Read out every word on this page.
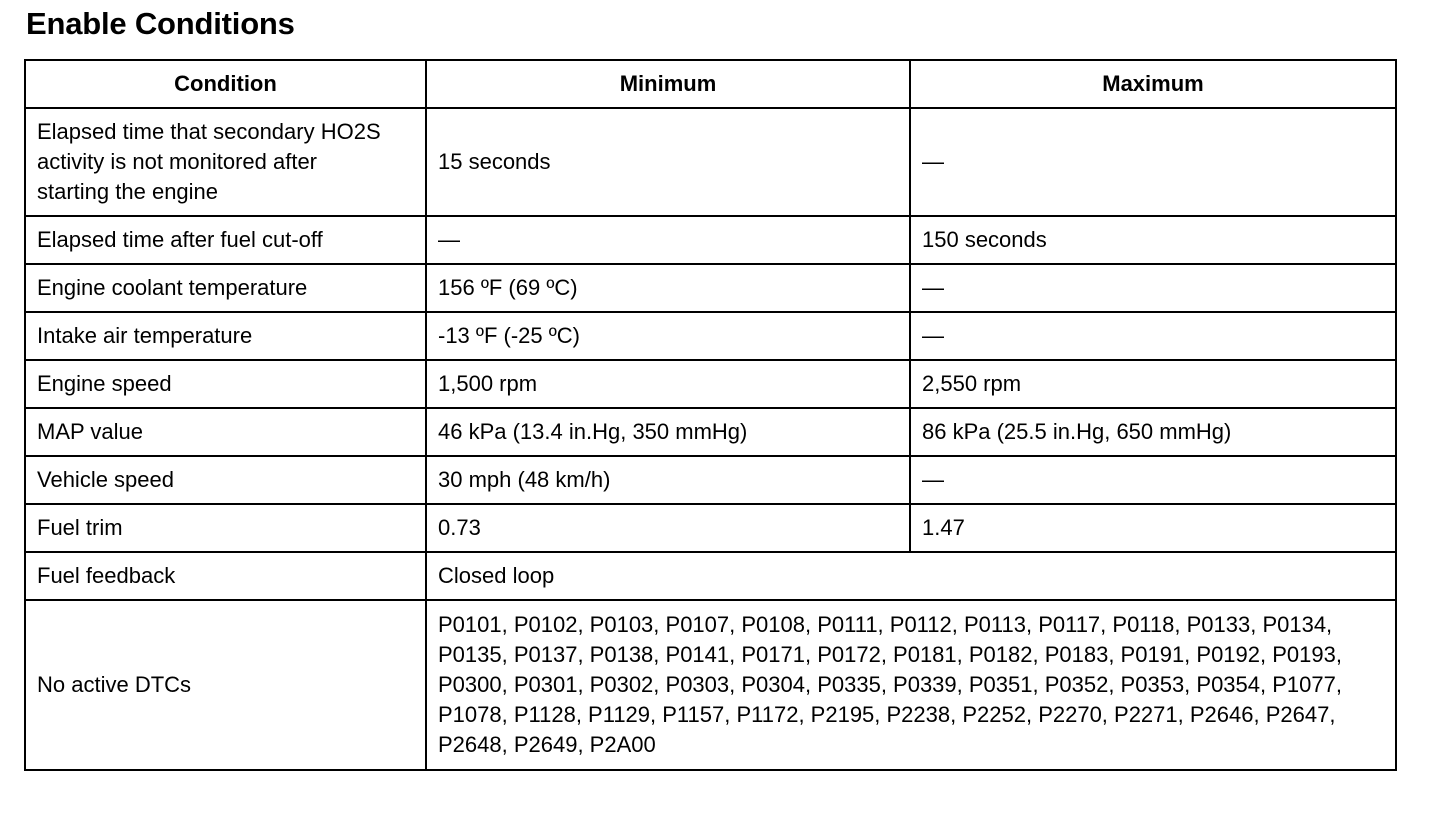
Enable Conditions
Condition	Minimum	Maximum
Elapsed time that secondary HO2S activity is not monitored after starting the engine	15 seconds	—
Elapsed time after fuel cut-off	—	150 seconds
Engine coolant temperature	156 ºF (69 ºC)	—
Intake air temperature	-13 ºF (-25 ºC)	—
Engine speed	1,500 rpm	2,550 rpm
MAP value	46 kPa (13.4 in.Hg, 350 mmHg)	86 kPa (25.5 in.Hg, 650 mmHg)
Vehicle speed	30 mph (48 km/h)	—
Fuel trim	0.73	1.47
Fuel feedback	Closed loop	
No active DTCs	P0101, P0102, P0103, P0107, P0108, P0111, P0112, P0113, P0117, P0118, P0133, P0134, P0135, P0137, P0138, P0141, P0171, P0172, P0181, P0182, P0183, P0191, P0192, P0193, P0300, P0301, P0302, P0303, P0304, P0335, P0339, P0351, P0352, P0353, P0354, P1077, P1078, P1128, P1129, P1157, P1172, P2195, P2238, P2252, P2270, P2271, P2646, P2647, P2648, P2649, P2A00	
